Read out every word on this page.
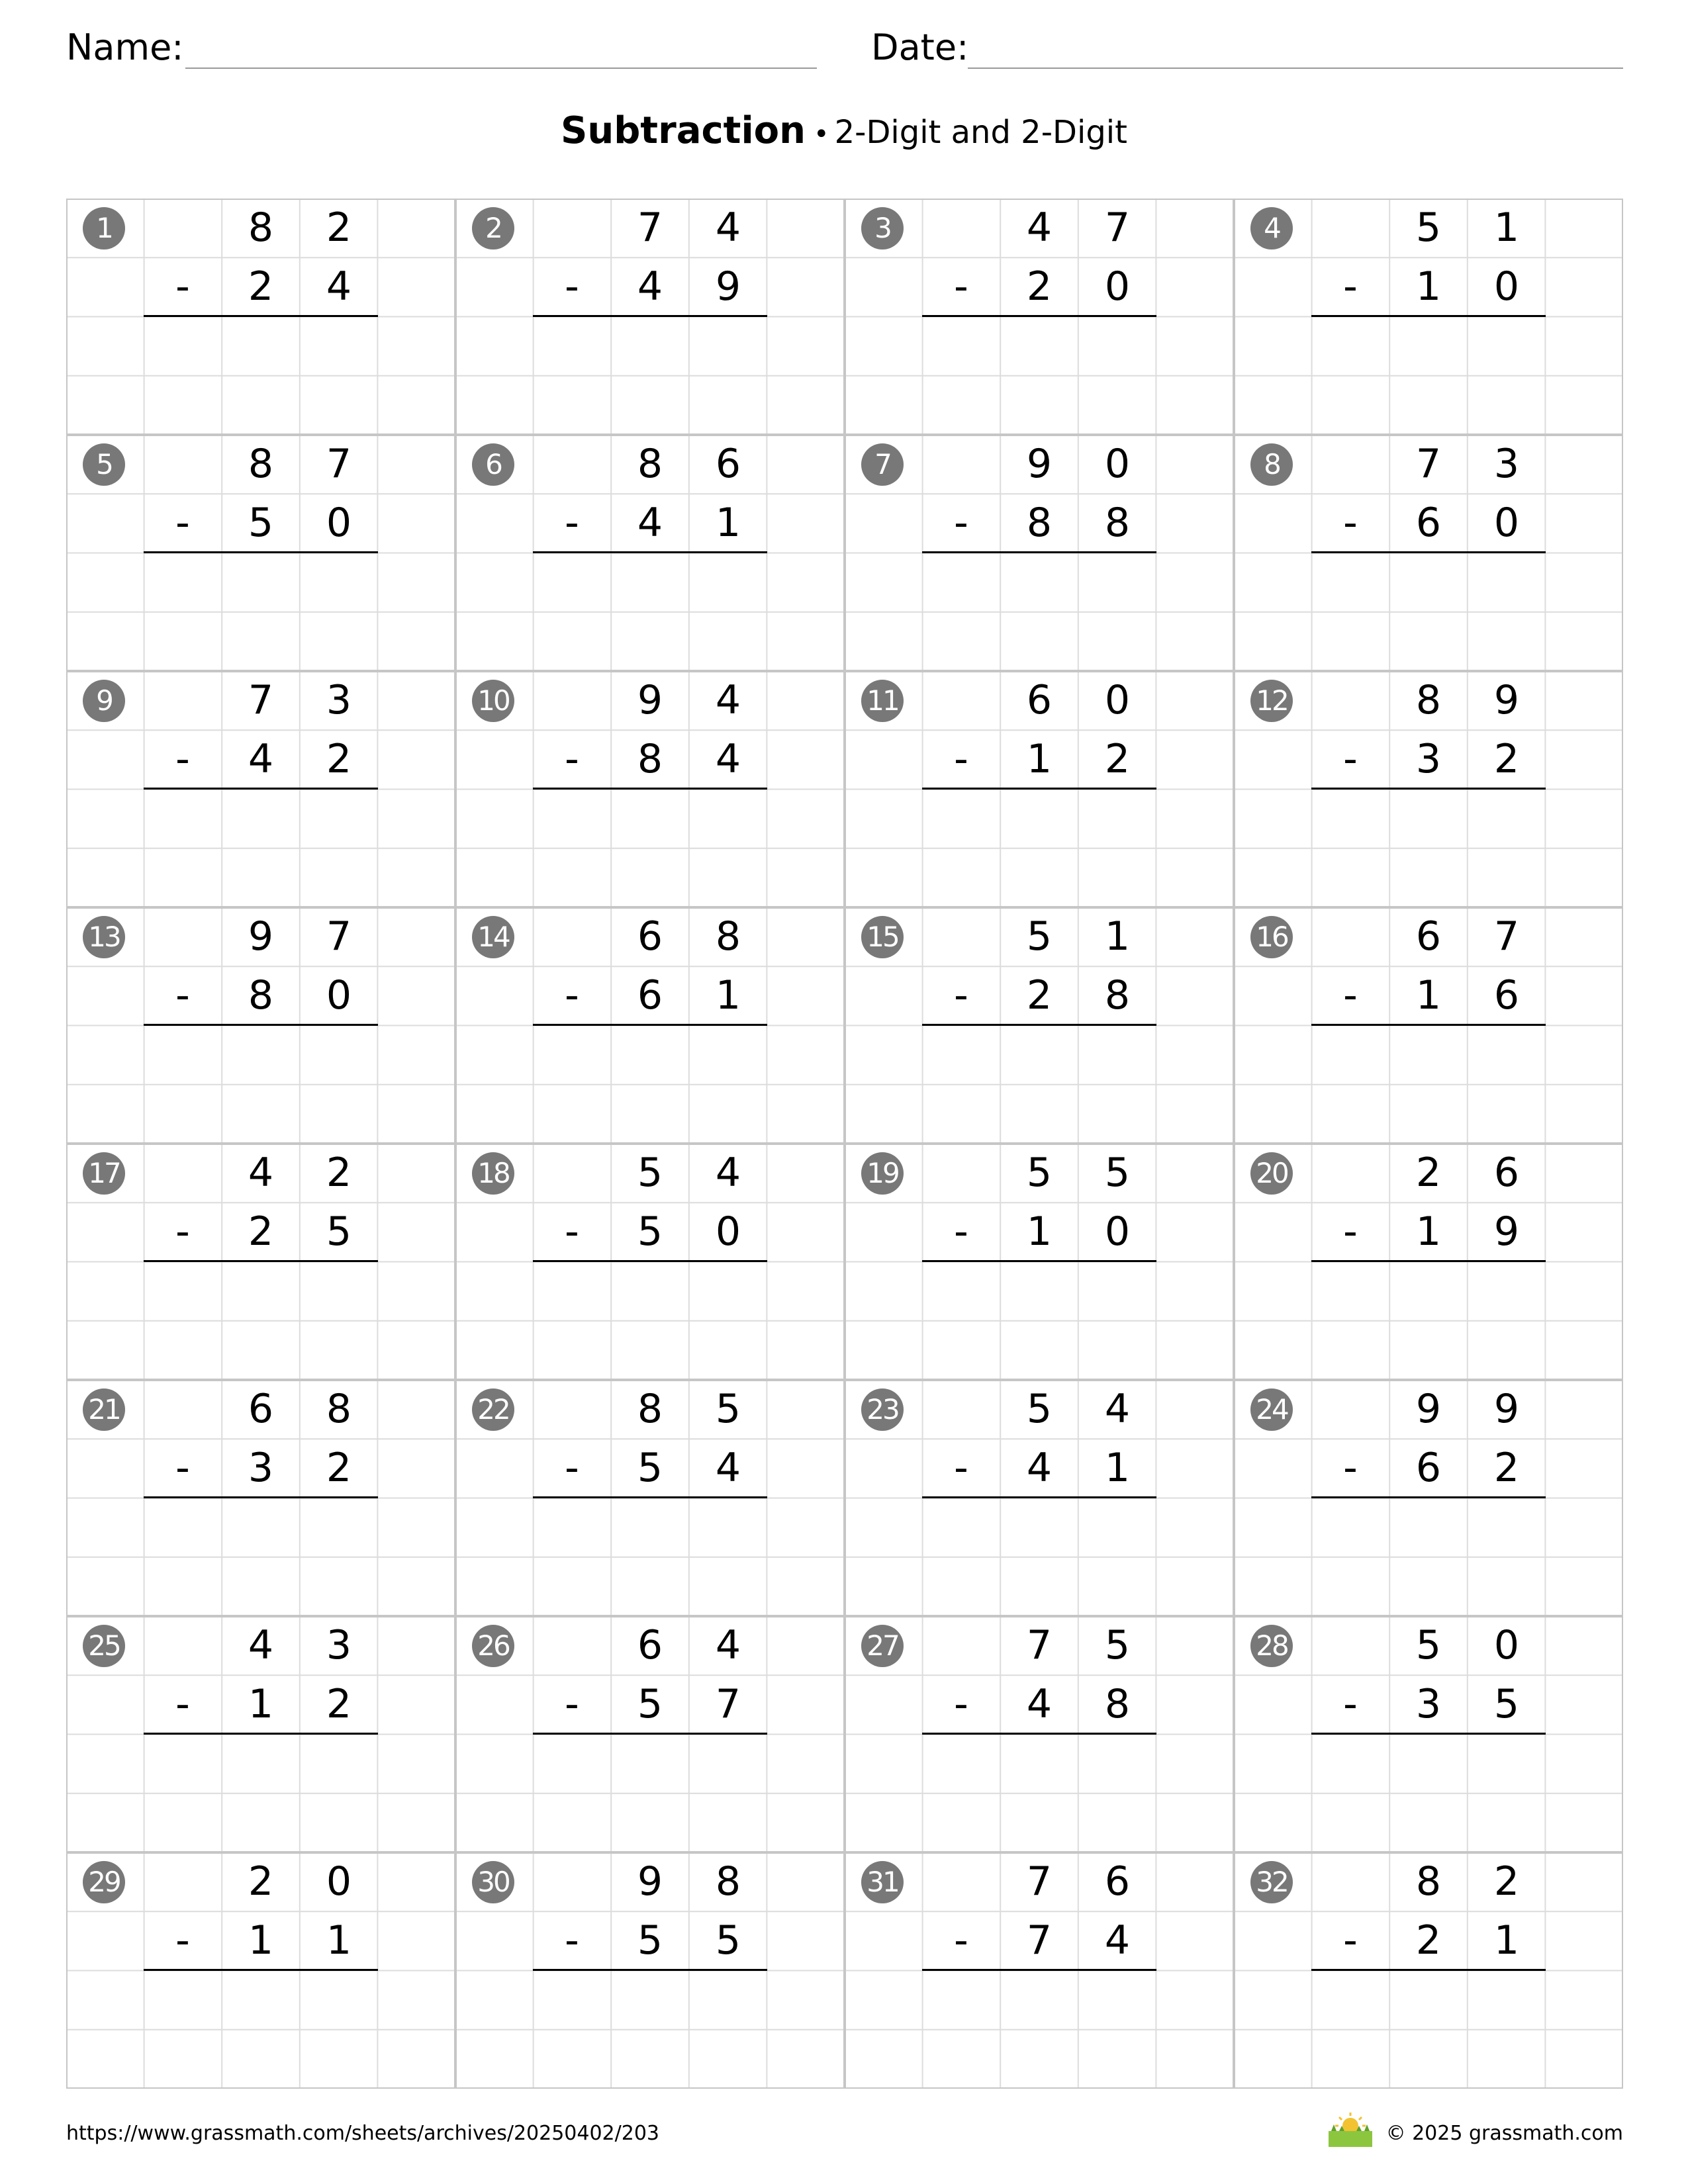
Name:	Date:
Subtraction • 2-Digit and 2-Digit
1	8	2
-	2	4
2	7	4
-	4	9
3	4	7
-	2	0
4	5	1
-	1	0
5	8	7
-	5	0
6	8	6
-	4	1
7	9	0
-	8	8
8	7	3
-	6	0
9	7	3
-	4	2
10	9	4
-	8	4
11	6	0
-	1	2
12	8	9
-	3	2
13	9	7
-	8	0
14	6	8
-	6	1
15	5	1
-	2	8
16	6	7
-	1	6
17	4	2
-	2	5
18	5	4
-	5	0
19	5	5
-	1	0
20	2	6
-	1	9
21	6	8
-	3	2
22	8	5
-	5	4
23	5	4
-	4	1
24	9	9
-	6	2
25	4	3
-	1	2
26	6	4
-	5	7
27	7	5
-	4	8
28	5	0
-	3	5
29	2	0
-	1	1
30	9	8
-	5	5
31	7	6
-	7	4
32	8	2
-	2	1
https://www.grassmath.com/sheets/archives/20250402/203	© 2025 grassmath.com
